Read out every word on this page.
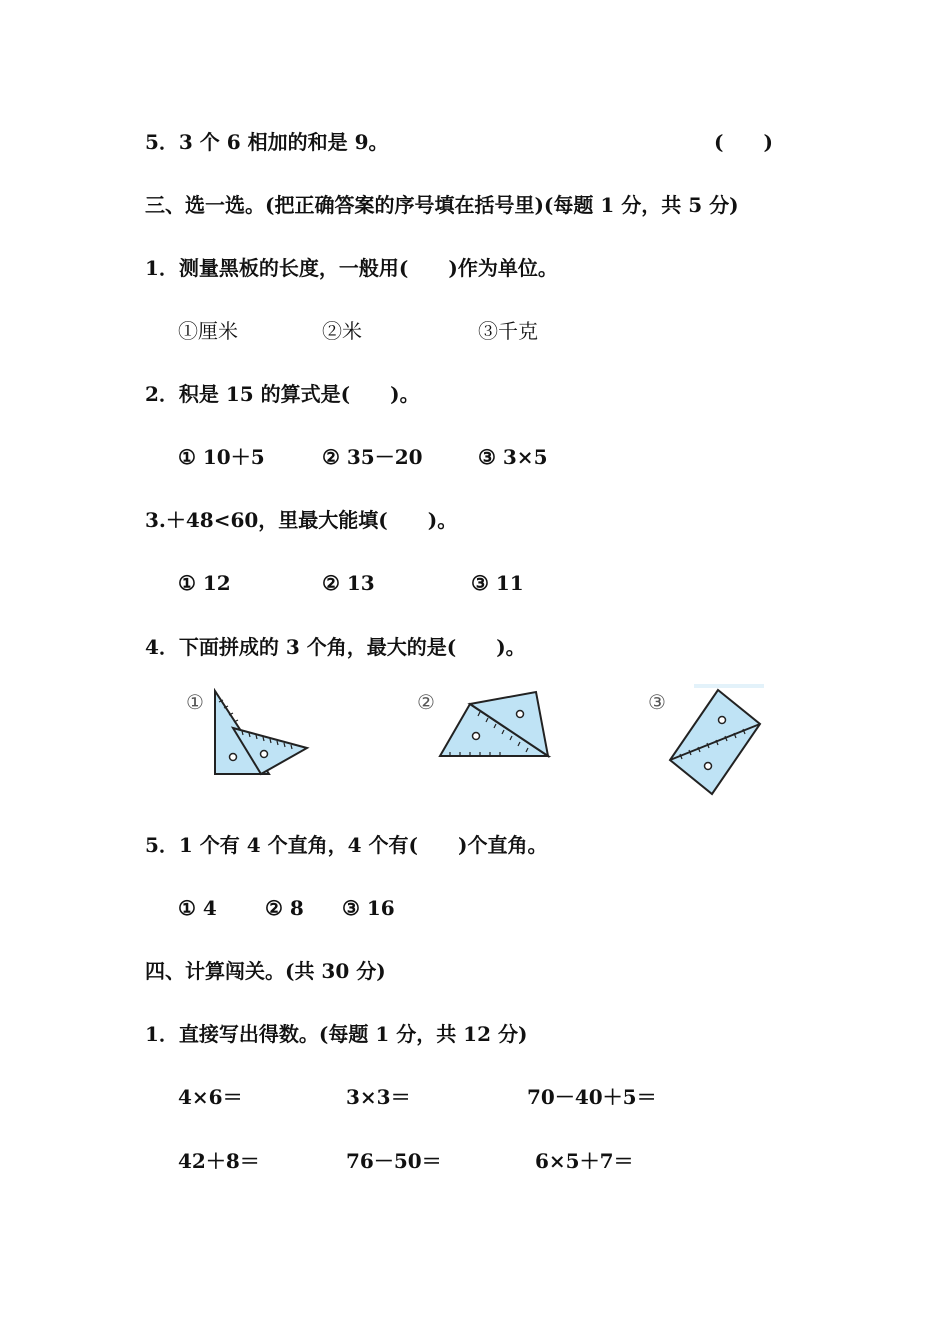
5．3 个 6 相加的和是 9。	(　　)
三、选一选。(把正确答案的序号填在括号里)(每题 1 分，共 5 分)
1．测量黑板的长度，一般用(　　)作为单位。
①厘米	②米	③千克
2．积是 15 的算式是(　　)。
① 10＋5	② 35－20	③ 3×5
3.＋48<60，里最大能填(　　)。
① 12	② 13	③ 11
4．下面拼成的 3 个角，最大的是(　　)。
①	②	③
5．1 个有 4 个直角，4 个有(　　)个直角。
① 4 ② 8 ③ 16
四、计算闯关。(共 30 分)
1．直接写出得数。(每题 1 分，共 12 分)
4×6＝	3×3＝	70－40＋5＝
42＋8＝	76－50＝	6×5＋7＝
